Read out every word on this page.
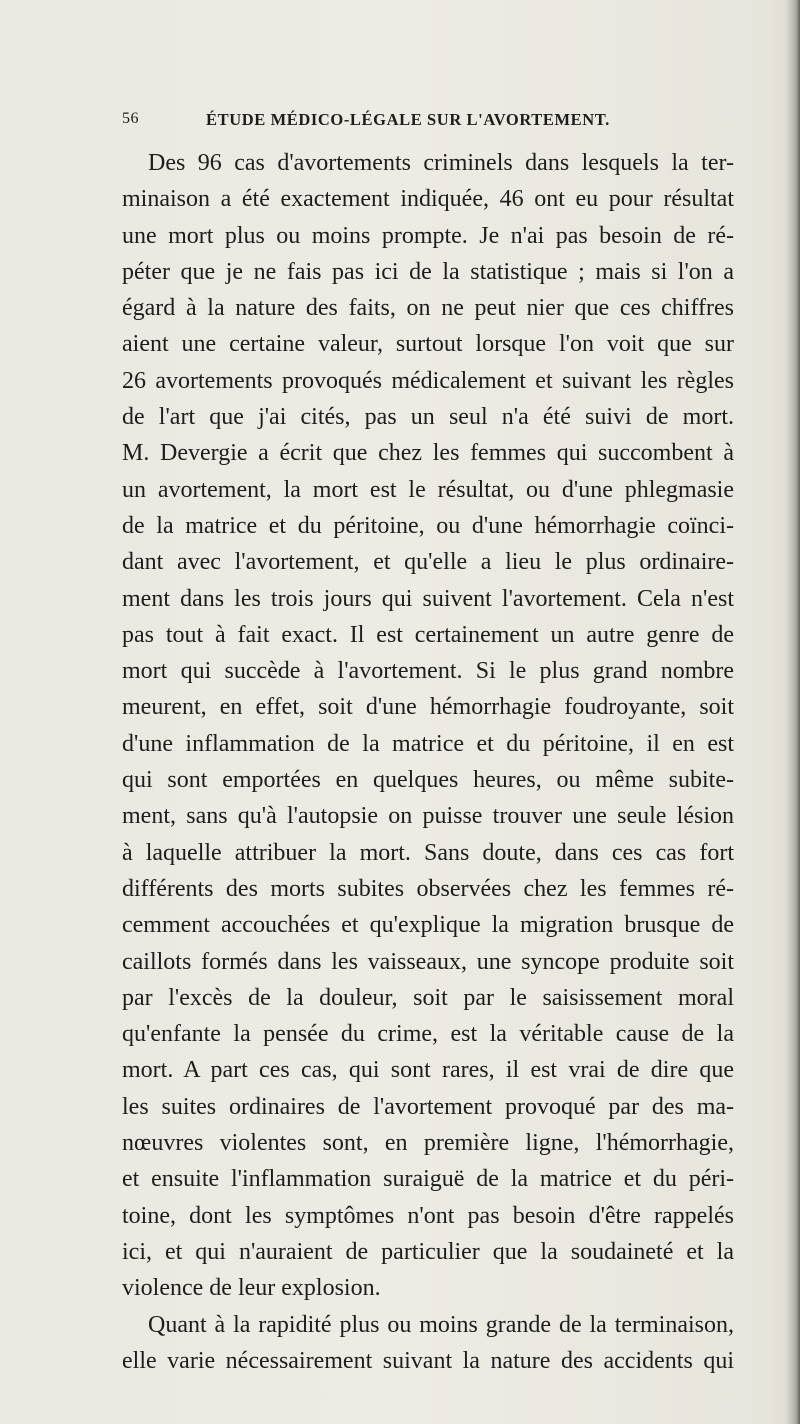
56	ÉTUDE MÉDICO-LÉGALE SUR L'AVORTEMENT.
Des 96 cas d'avortements criminels dans lesquels la ter-
minaison a été exactement indiquée, 46 ont eu pour résultat
une mort plus ou moins prompte. Je n'ai pas besoin de ré-
péter que je ne fais pas ici de la statistique ; mais si l'on a
égard à la nature des faits, on ne peut nier que ces chiffres
aient une certaine valeur, surtout lorsque l'on voit que sur
26 avortements provoqués médicalement et suivant les règles
de l'art que j'ai cités, pas un seul n'a été suivi de mort.
M. Devergie a écrit que chez les femmes qui succombent à
un avortement, la mort est le résultat, ou d'une phlegmasie
de la matrice et du péritoine, ou d'une hémorrhagie coïnci-
dant avec l'avortement, et qu'elle a lieu le plus ordinaire-
ment dans les trois jours qui suivent l'avortement. Cela n'est
pas tout à fait exact. Il est certainement un autre genre de
mort qui succède à l'avortement. Si le plus grand nombre
meurent, en effet, soit d'une hémorrhagie foudroyante, soit
d'une inflammation de la matrice et du péritoine, il en est
qui sont emportées en quelques heures, ou même subite-
ment, sans qu'à l'autopsie on puisse trouver une seule lésion
à laquelle attribuer la mort. Sans doute, dans ces cas fort
différents des morts subites observées chez les femmes ré-
cemment accouchées et qu'explique la migration brusque de
caillots formés dans les vaisseaux, une syncope produite soit
par l'excès de la douleur, soit par le saisissement moral
qu'enfante la pensée du crime, est la véritable cause de la
mort. A part ces cas, qui sont rares, il est vrai de dire que
les suites ordinaires de l'avortement provoqué par des ma-
nœuvres violentes sont, en première ligne, l'hémorrhagie,
et ensuite l'inflammation suraiguë de la matrice et du péri-
toine, dont les symptômes n'ont pas besoin d'être rappelés
ici, et qui n'auraient de particulier que la soudaineté et la
violence de leur explosion.
Quant à la rapidité plus ou moins grande de la terminaison,
elle varie nécessairement suivant la nature des accidents qui
